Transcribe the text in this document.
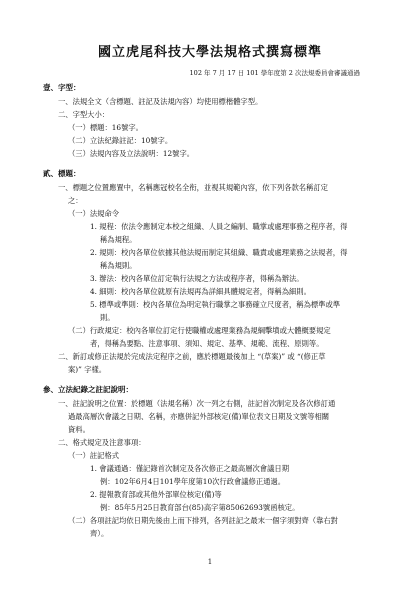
國立虎尾科技大學法規格式撰寫標準
102 年 7 月 17 日 101 學年度第 2 次法規委員會審議通過
壹、字型：
一、法規全文（含標題、註記及法規內容）均使用標楷體字型。
二、字型大小：
（一）標題：16號字。
（二）立法紀錄註記：10號字。
（三）法規內容及立法說明：12號字。
貳、標題：
一、標題之位置應置中，名稱應冠校名全衔，並視其規範內容，依下列各款名稱訂定
之：
（一）法規命令
1. 規程：依法令應制定本校之組織、人員之編制、職掌或處理事務之程序者，得
稱為規程。
2. 規則：校內各單位依據其他法規而制定其組織、職責或處理業務之法規者，得
稱為規則。
3. 辦法：校內各單位訂定執行法規之方法或程序者，得稱為辦法。
4. 細則：校內各單位就原有法規再為詳細具體規定者，得稱為細則。
5. 標準或準則：校內各單位為明定執行職掌之事務確立尺度者，稱為標準或準
則。
（二）行政規定：校內各單位訂定行使職權或處理業務為規綱擊墳或大體概要規定
者，得稱為要點、注意事項、須知、規定、基準、規範、流程、原則等。
二、新訂或修正法規於完成法定程序之前，應於標題最後加上 “(草案)” 或 “(修正草
案)” 字樣。
參、立法紀錄之註記說明：
一、註記說明之位置：於標題（法規名稱）次一列之右側，註記首次制定及各次修訂通
過最高層次會議之日期、名稱，亦應併記外部核定(備)單位表文日期及文號等相關
資料。
二、格式規定及注意事項：
（一）註記格式
1. 會議通過：僅記錄首次制定及各次修正之最高層次會議日期
例：102年6月4日101學年度第10次行政會議修正通過。
2. 提報教育部或其他外部單位核定(備)等
例：85年5月25日教育部台(85)高字第85062693號函核定。
（二）各項註記均依日期先後由上而下排列，各列註記之最末一個字須對齊（靠右對
齊）。
1
